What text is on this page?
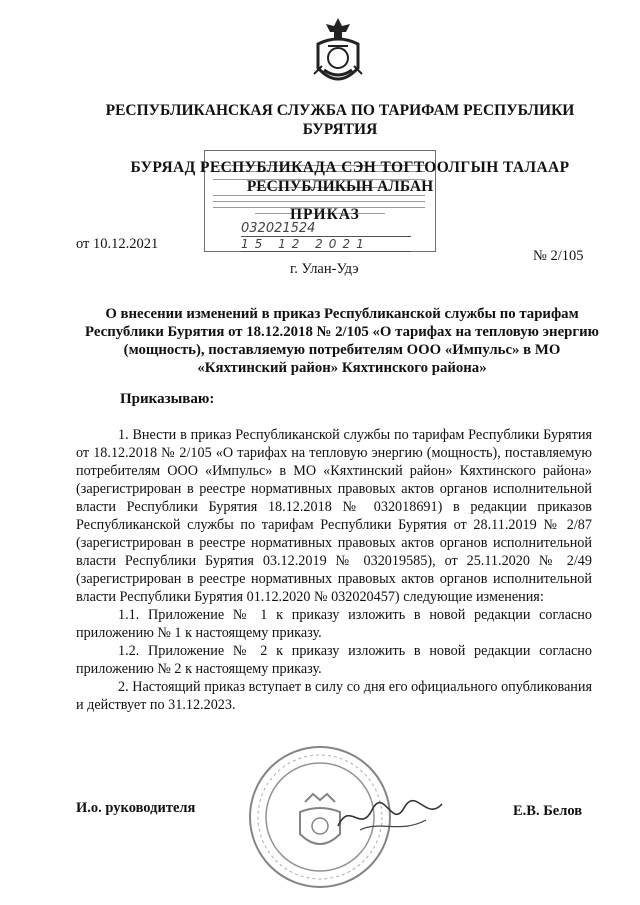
РЕСПУБЛИКАНСКАЯ СЛУЖБА ПО ТАРИФАМ РЕСПУБЛИКИ
БУРЯТИЯ
032021524
15 12 2021
БУРЯАД РЕСПУБЛИКАДА СЭН ТОГТООЛГЫН ТАЛААР
РЕСПУБЛИКЫН АЛБАН
ПРИКАЗ
от 10.12.2021
№ 2/105
г. Улан-Удэ
О внесении изменений в приказ Республиканской службы по тарифам Республики Бурятия от 18.12.2018 № 2/105 «О тарифах на тепловую энергию (мощность), поставляемую потребителям ООО «Импульс» в МО «Кяхтинский район» Кяхтинского района»
Приказываю:

1. Внести в приказ Республиканской службы по тарифам Республики Бурятия от 18.12.2018 № 2/105 «О тарифах на тепловую энергию (мощность), поставляемую потребителям ООО «Импульс» в МО «Кяхтинский район» Кяхтинского района» (зарегистрирован в реестре нормативных правовых актов органов исполнительной власти Республики Бурятия 18.12.2018 № 032018691) в редакции приказов Республиканской службы по тарифам Республики Бурятия от 28.11.2019 № 2/87 (зарегистрирован в реестре нормативных правовых актов органов исполнительной власти Республики Бурятия 03.12.2019 № 032019585), от 25.11.2020 № 2/49 (зарегистрирован в реестре нормативных правовых актов органов исполнительной власти Республики Бурятия 01.12.2020 № 032020457) следующие изменения:

1.1. Приложение № 1 к приказу изложить в новой редакции согласно приложению № 1 к настоящему приказу.

1.2. Приложение № 2 к приказу изложить в новой редакции согласно приложению № 2 к настоящему приказу.

2. Настоящий приказ вступает в силу со дня его официального опубликования и действует по 31.12.2023.

И.о. руководителя	Е.В. Белов
